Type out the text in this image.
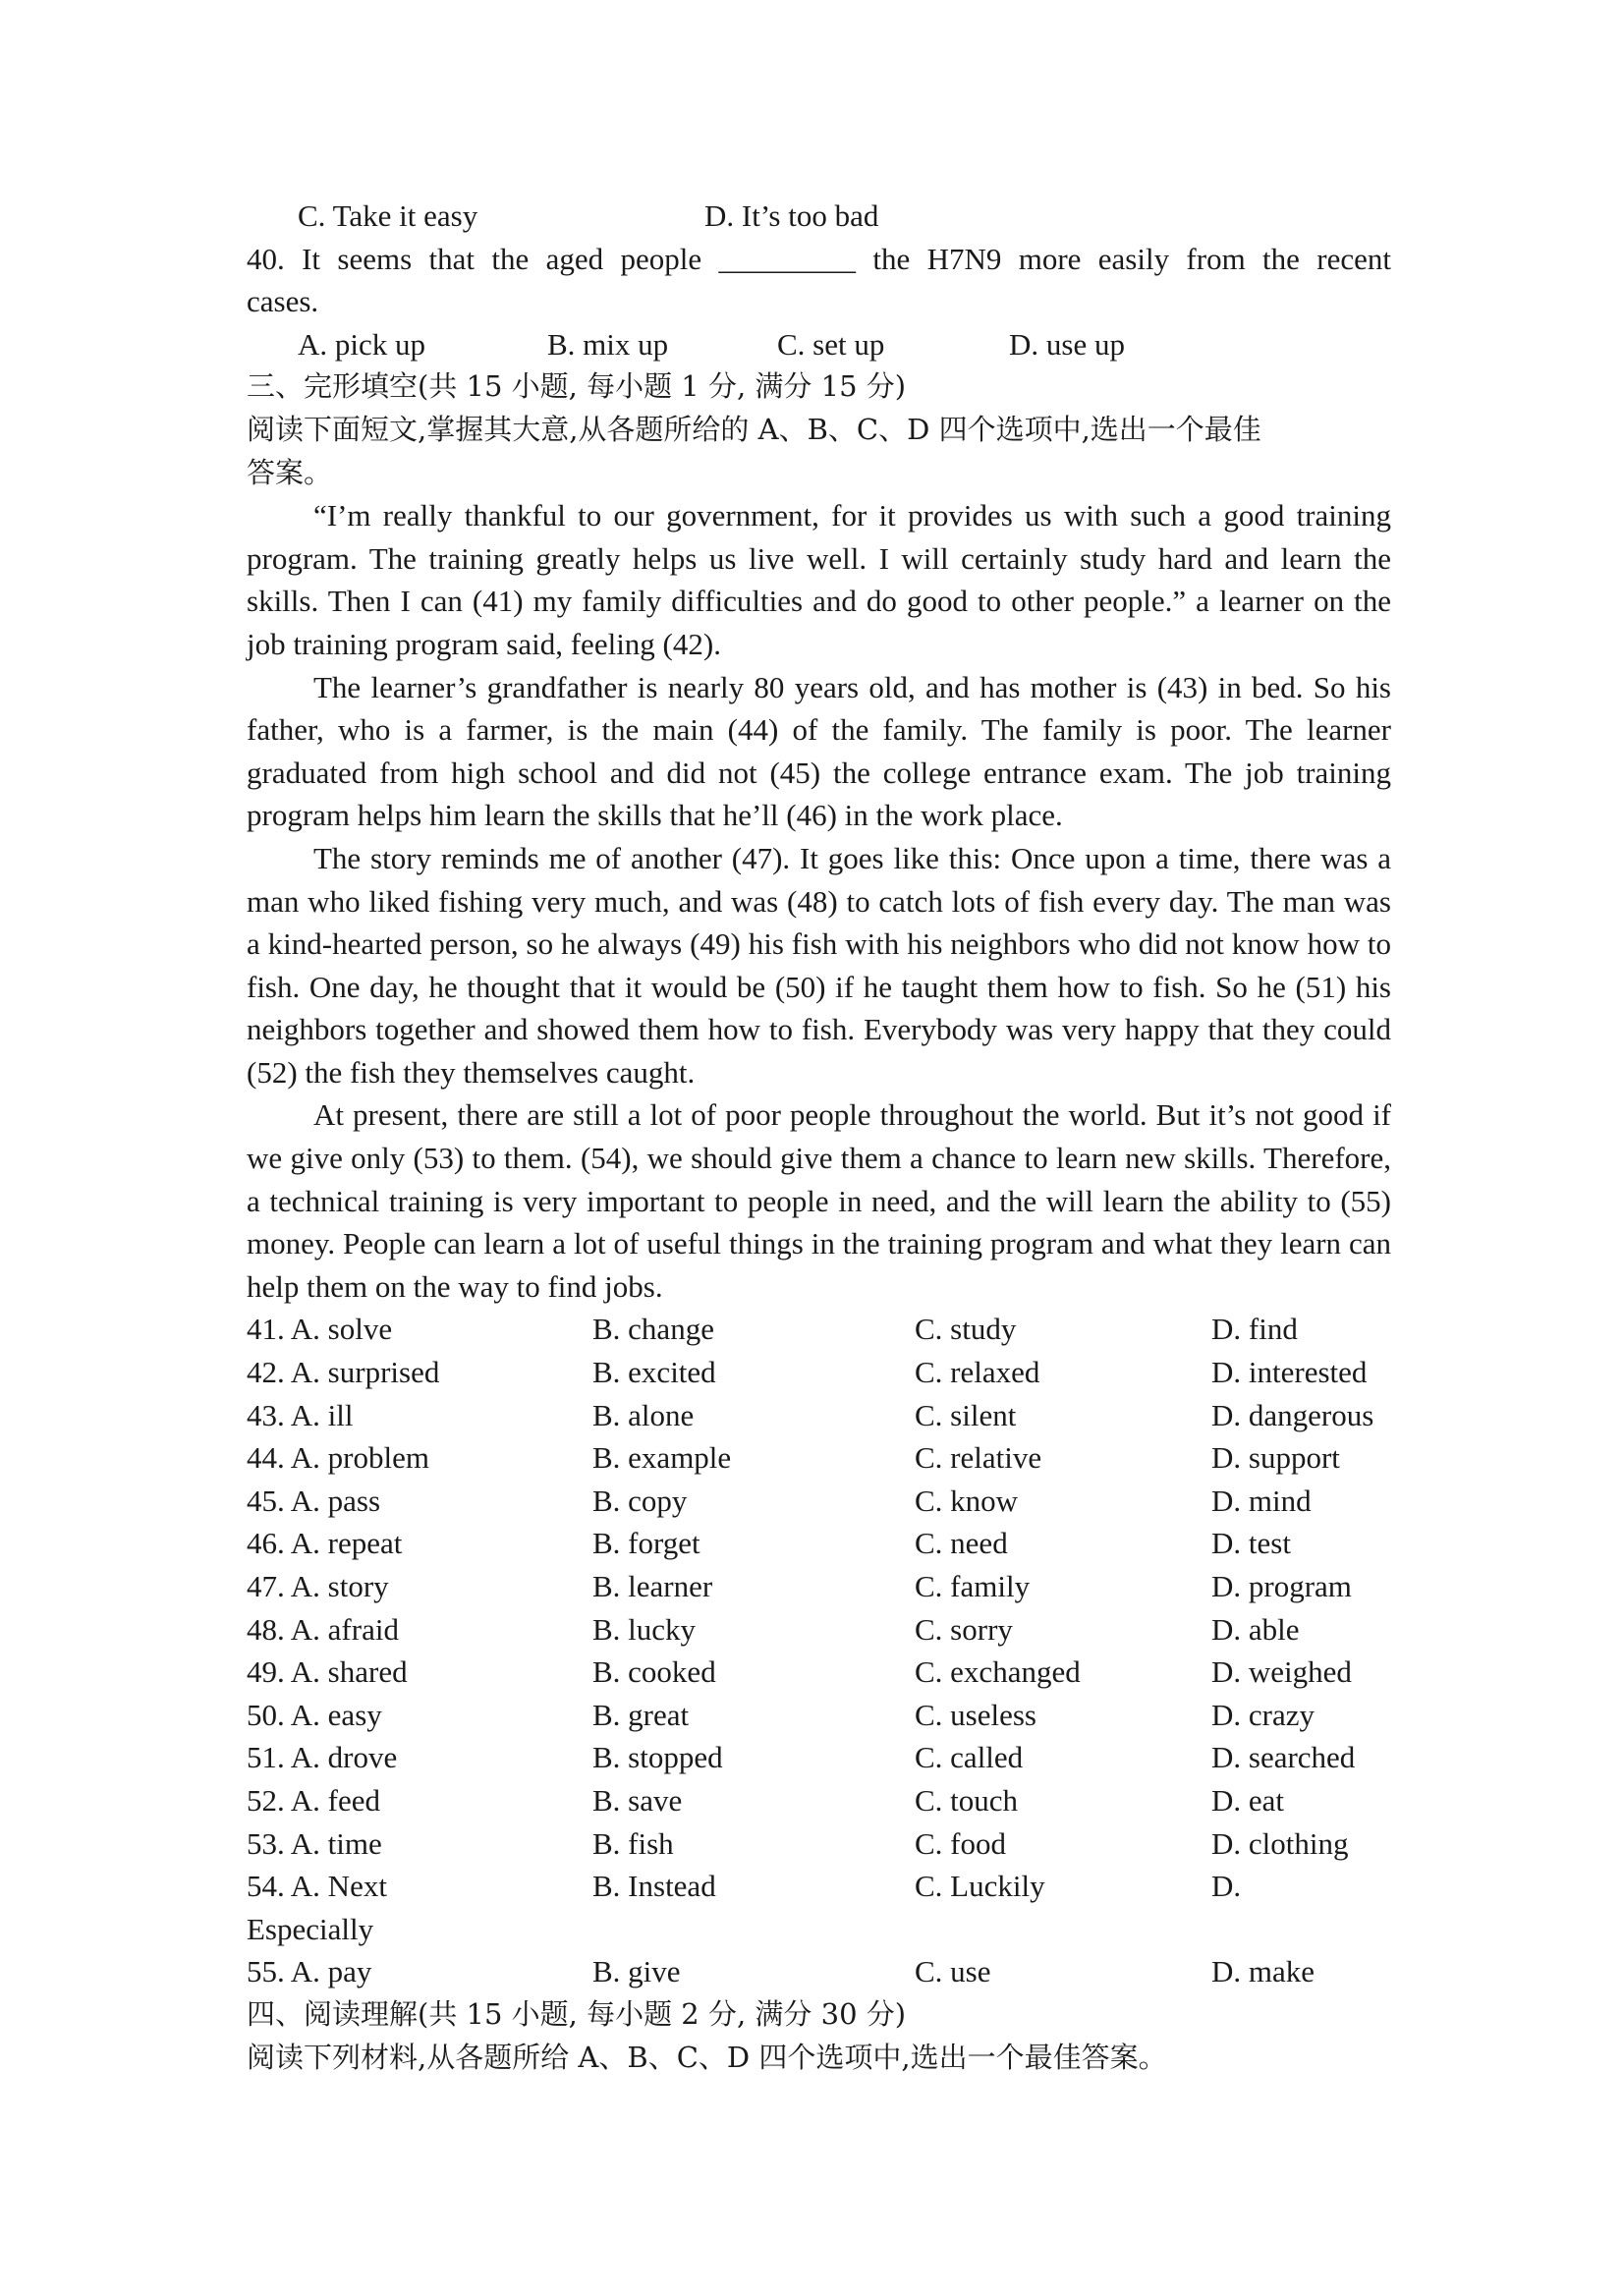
C. Take it easy	D. It’s too bad
40. It seems that the aged people _________ the H7N9 more easily from the recent
cases.
A. pick up	B. mix up	C. set up	D. use up
三、完形填空(共 15 小题, 每小题 1 分, 满分 15 分)
阅读下面短文,掌握其大意,从各题所给的 A、B、C、D 四个选项中,选出一个最佳
答案。

“I’m really thankful to our government, for it provides us with such a good training program. The training greatly helps us live well. I will certainly study hard and learn the skills. Then I can (41) my family difficulties and do good to other people.” a learner on the job training program said, feeling (42).

The learner’s grandfather is nearly 80 years old, and has mother is (43) in bed. So his father, who is a farmer, is the main (44) of the family. The family is poor. The learner graduated from high school and did not (45) the college entrance exam. The job training program helps him learn the skills that he’ll (46) in the work place.

The story reminds me of another (47). It goes like this: Once upon a time, there was a man who liked fishing very much, and was (48) to catch lots of fish every day. The man was a kind-hearted person, so he always (49) his fish with his neighbors who did not know how to fish. One day, he thought that it would be (50) if he taught them how to fish. So he (51) his neighbors together and showed them how to fish. Everybody was very happy that they could (52) the fish they themselves caught.

At present, there are still a lot of poor people throughout the world. But it’s not good if we give only (53) to them. (54), we should give them a chance to learn new skills. Therefore, a technical training is very important to people in need, and the will learn the ability to (55) money. People can learn a lot of useful things in the training program and what they learn can help them on the way to find jobs.

41. A. solve	B. change	C. study	D. find
42. A. surprised	B. excited	C. relaxed	D. interested
43. A. ill	B. alone	C. silent	D. dangerous
44. A. problem	B. example	C. relative	D. support
45. A. pass	B. copy	C. know	D. mind
46. A. repeat	B. forget	C. need	D. test
47. A. story	B. learner	C. family	D. program
48. A. afraid	B. lucky	C. sorry	D. able
49. A. shared	B. cooked	C. exchanged	D. weighed
50. A. easy	B. great	C. useless	D. crazy
51. A. drove	B. stopped	C. called	D. searched
52. A. feed	B. save	C. touch	D. eat
53. A. time	B. fish	C. food	D. clothing
54. A. Next	B. Instead	C. Luckily	D.
Especially
55. A. pay	B. give	C. use	D. make
四、阅读理解(共 15 小题, 每小题 2 分, 满分 30 分)
阅读下列材料,从各题所给 A、B、C、D 四个选项中,选出一个最佳答案。
